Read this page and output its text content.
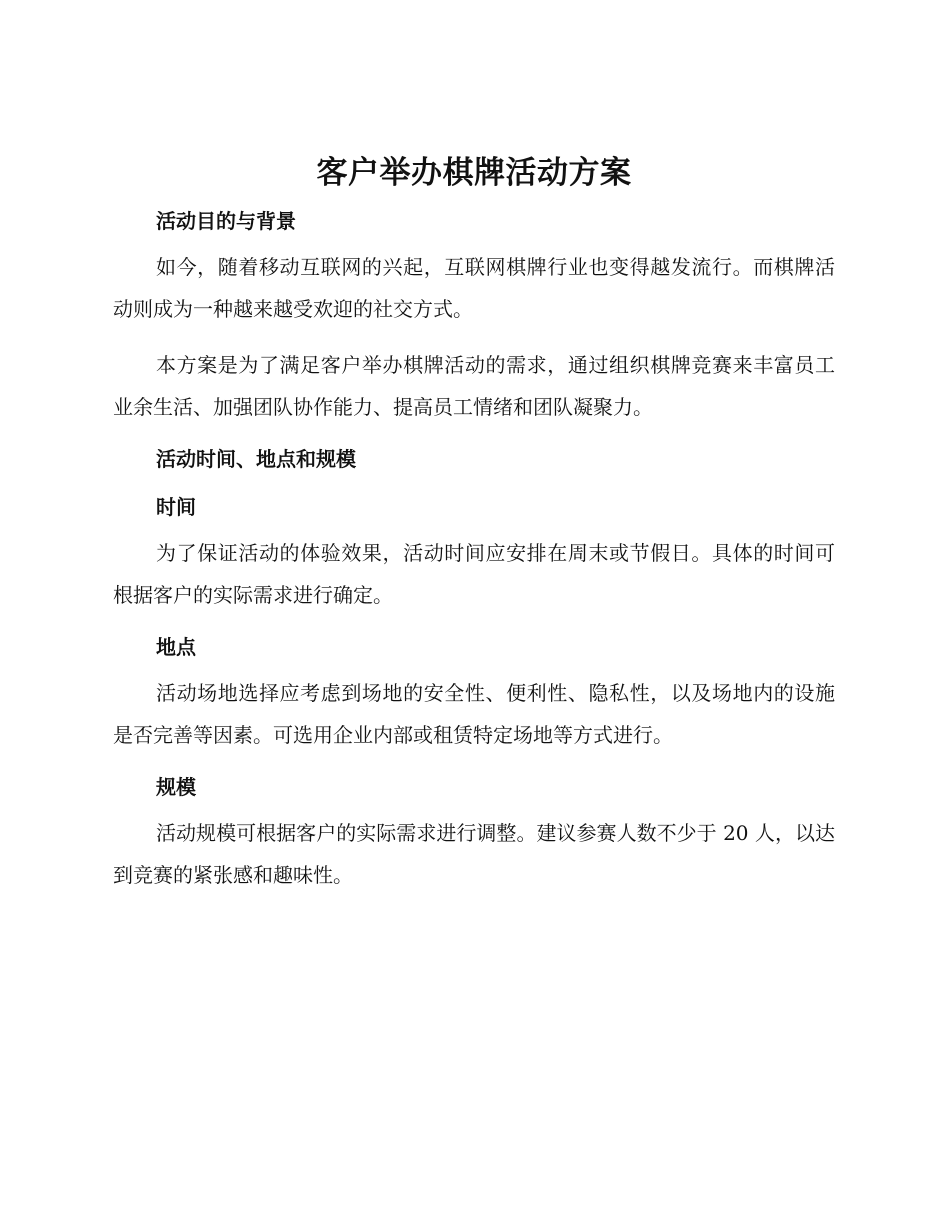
客户举办棋牌活动方案
活动目的与背景

如今，随着移动互联网的兴起，互联网棋牌行业也变得越发流行。而棋牌活动则成为一种越来越受欢迎的社交方式。

本方案是为了满足客户举办棋牌活动的需求，通过组织棋牌竞赛来丰富员工业余生活、加强团队协作能力、提高员工情绪和团队凝聚力。

活动时间、地点和规模
时间

为了保证活动的体验效果，活动时间应安排在周末或节假日。具体的时间可根据客户的实际需求进行确定。

地点

活动场地选择应考虑到场地的安全性、便利性、隐私性，以及场地内的设施是否完善等因素。可选用企业内部或租赁特定场地等方式进行。

规模

活动规模可根据客户的实际需求进行调整。建议参赛人数不少于 20 人，以达到竞赛的紧张感和趣味性。
